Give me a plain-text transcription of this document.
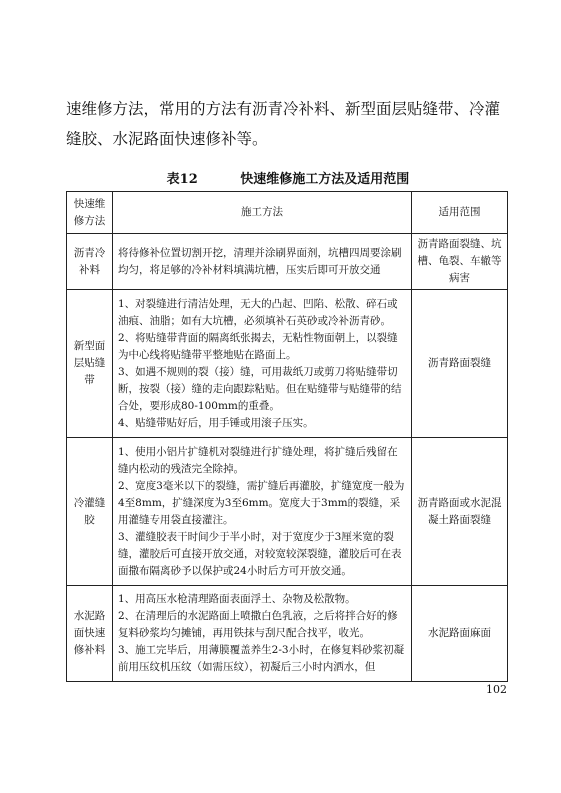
速维修方法，常用的方法有沥青冷补料、新型面层贴缝带、冷灌

缝胶、水泥路面快速修补等。

表12	快速维修施工方法及适用范围
快速维修方法	施工方法	适用范围
沥青冷补料	将待修补位置切割开挖，清理并涂刷界面剂，坑槽四周要涂刷均匀，将足够的冷补材料填满坑槽，压实后即可开放交通	沥青路面裂缝、坑槽、龟裂、车辙等病害
新型面层贴缝带	1、对裂缝进行清洁处理，无大的凸起、凹陷、松散、碎石或油痕、油脂；如有大坑槽，必须填补石英砂或冷补沥青砂。
2、将贴缝带背面的隔离纸张揭去，无粘性物面朝上，以裂缝为中心线将贴缝带平整地贴在路面上。
3、如遇不规则的裂（接）缝，可用裁纸刀或剪刀将贴缝带切断，按裂（接）缝的走向跟踪粘贴。但在贴缝带与贴缝带的结合处，要形成80-100mm的重叠。
4、贴缝带贴好后，用手锤或用滚子压实。	沥青路面裂缝
冷灌缝胶	1、使用小铝片扩缝机对裂缝进行扩缝处理，将扩缝后残留在缝内松动的残渣完全除掉。
2、宽度3毫米以下的裂缝，需扩缝后再灌胶，扩缝宽度一般为4至8mm，扩缝深度为3至6mm。宽度大于3mm的裂缝，采用灌缝专用袋直接灌注。
3、灌缝胶表干时间少于半小时，对于宽度少于3厘米宽的裂缝，灌胶后可直接开放交通，对较宽较深裂缝，灌胶后可在表面撒布隔离砂予以保护或24小时后方可开放交通。	沥青路面或水泥混凝土路面裂缝
水泥路面快速修补料	1、用高压水枪清理路面表面浮土、杂物及松散物。
2、在清理后的水泥路面上喷撒白色乳液，之后将拌合好的修复料砂浆均匀摊铺，再用铁抹与刮尺配合找平，收光。
3、施工完毕后，用薄膜覆盖养生2-3小时，在修复料砂浆初凝前用压纹机压纹（如需压纹），初凝后三小时内洒水，但	水泥路面麻面
102
